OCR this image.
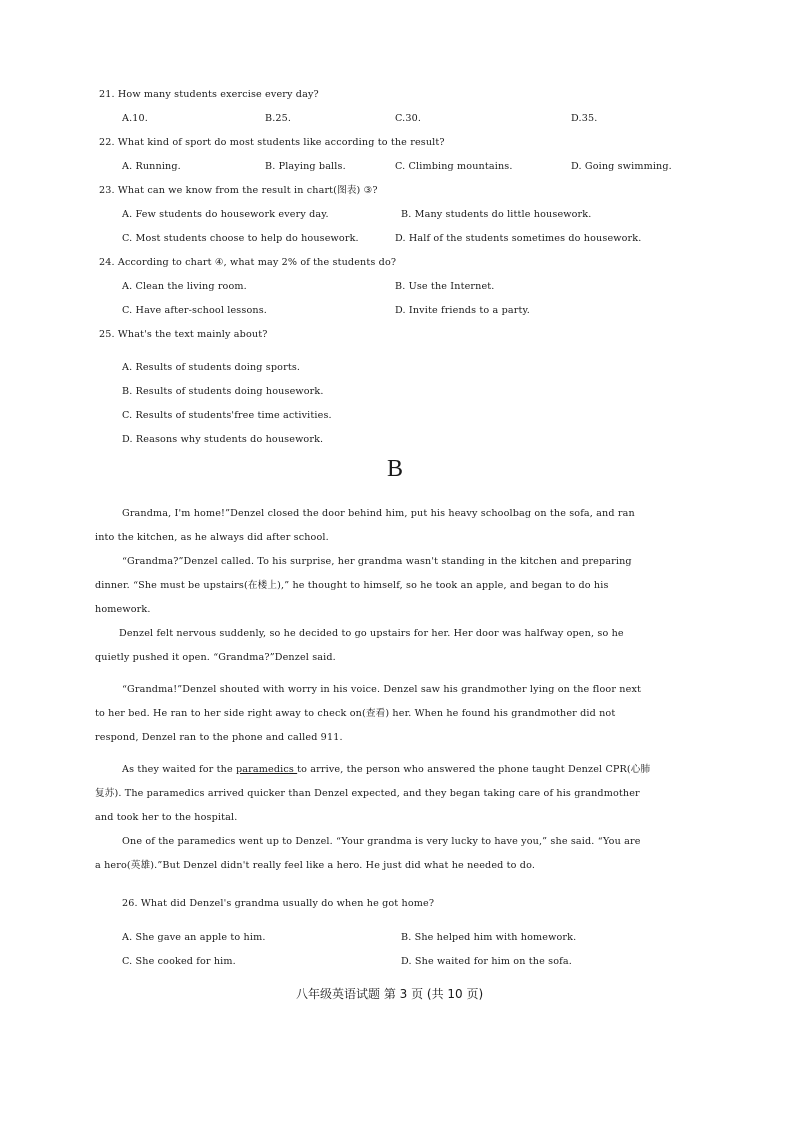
21. How many students exercise every day?
A.10.	B.25.	C.30.	D.35.
22. What kind of sport do most students like according to the result?
A. Running.	B. Playing balls.	C. Climbing mountains.	D. Going swimming.
23. What can we know from the result in chart(图表) ③?
A. Few students do housework every day.	B. Many students do little housework.
C. Most students choose to help do housework.	D. Half of the students sometimes do housework.
24. According to chart ④, what may 2% of the students do?
A. Clean the living room.	B. Use the Internet.
C. Have after-school lessons.	D. Invite friends to a party.
25. What's the text mainly about?
A. Results of students doing sports.
B. Results of students doing housework.
C. Results of students'free time activities.
D. Reasons why students do housework.
B
Grandma, I'm home!”Denzel closed the door behind him, put his heavy schoolbag on the sofa, and ran
into the kitchen, as he always did after school.
“Grandma?”Denzel called. To his surprise, her grandma wasn't standing in the kitchen and preparing
dinner. “She must be upstairs(在楼上),” he thought to himself, so he took an apple, and began to do his
homework.
Denzel felt nervous suddenly, so he decided to go upstairs for her. Her door was halfway open, so he
quietly pushed it open. “Grandma?”Denzel said.
“Grandma!”Denzel shouted with worry in his voice. Denzel saw his grandmother lying on the floor next
to her bed. He ran to her side right away to check on(查看) her. When he found his grandmother did not
respond, Denzel ran to the phone and called 911.
As they waited for the paramedics to arrive, the person who answered the phone taught Denzel CPR(心肺
复苏). The paramedics arrived quicker than Denzel expected, and they began taking care of his grandmother
and took her to the hospital.
One of the paramedics went up to Denzel. “Your grandma is very lucky to have you,” she said. “You are
a hero(英雄).”But Denzel didn't really feel like a hero. He just did what he needed to do.
26. What did Denzel's grandma usually do when he got home?
A. She gave an apple to him.	B. She helped him with homework.
C. She cooked for him.	D. She waited for him on the sofa.
八年级英语试题 第 3 页 (共 10 页)
